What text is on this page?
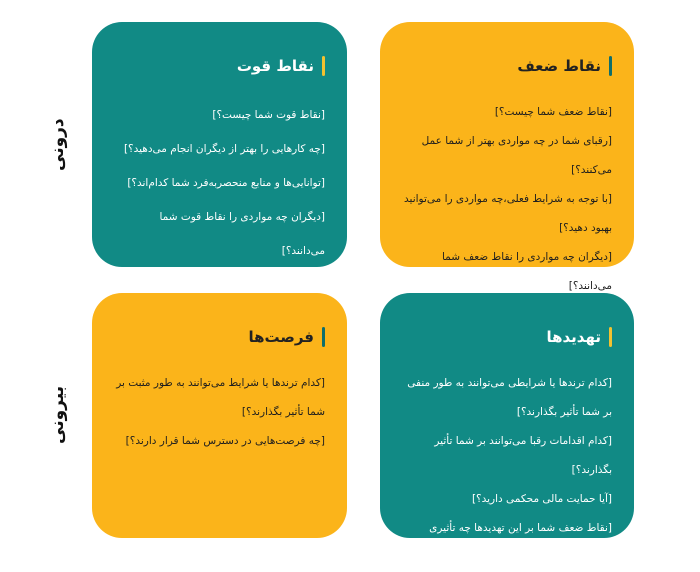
درونی
بیرونی
نقاط قوت

[نقاط قوت شما چیست؟]

[چه کارهایی را بهتر از دیگران انجام می‌دهید؟]

[توانایی‌ها و منابع منحصربه‌فرد شما کدام‌اند؟]

[دیگران چه مواردی را نقاط قوت شما می‌دانند؟]

نقاط ضعف

[نقاط ضعف شما چیست؟]

[رقبای شما در چه مواردی بهتر از شما عمل می‌کنند؟]

[با توجه به شرایط فعلی،چه مواردی را می‌توانید بهبود دهید؟]

[دیگران چه مواردی را نقاط ضعف شما می‌دانند؟]

فرصت‌ها

[کدام ترندها یا شرایط می‌توانند به طور مثبت بر شما تأثیر بگذارند؟]

[چه فرصت‌هایی در دسترس شما قرار دارند؟]

تهدیدها

[کدام ترندها یا شرایطی می‌توانند به طور منفی بر شما تأثیر بگذارند؟]

[کدام اقدامات رقبا می‌توانند بر شما تأثیر بگذارند؟]

[آیا حمایت مالی محکمی دارید؟]

[نقاط ضعف شما بر این تهدیدها چه تأثیری می‌گذارند؟]
